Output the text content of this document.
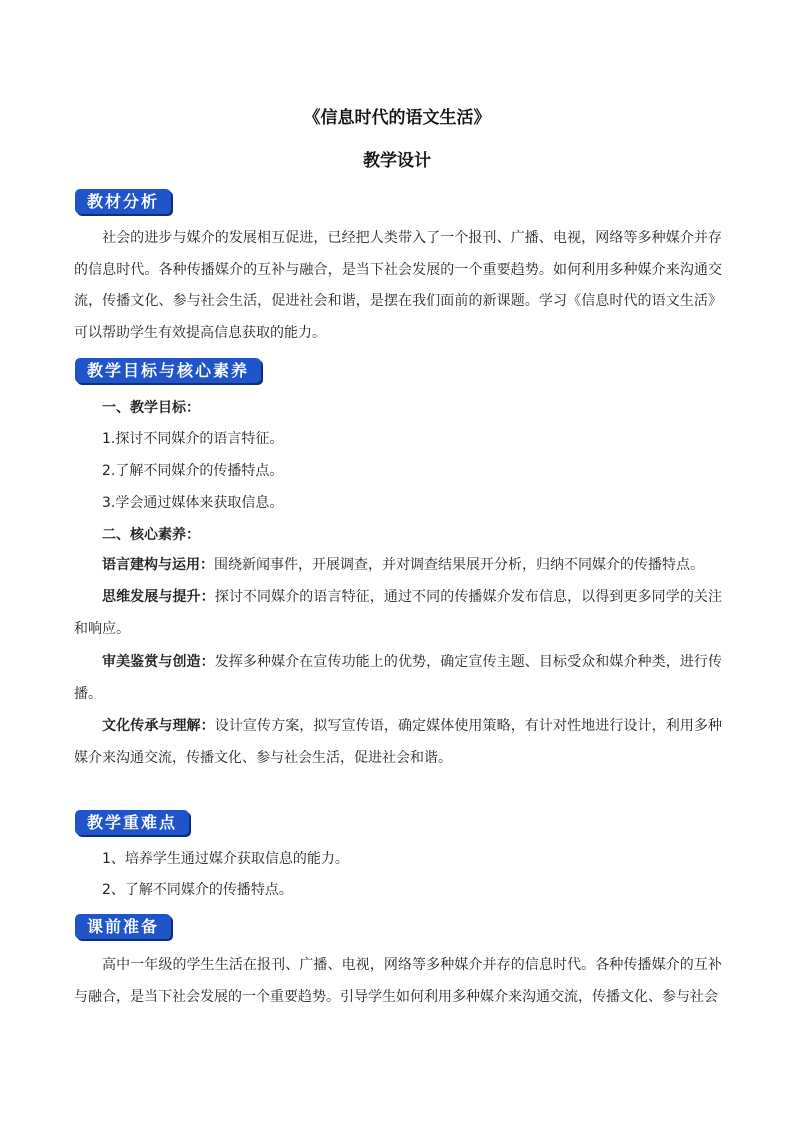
《信息时代的语文生活》
教学设计
教材分析

社会的进步与媒介的发展相互促进，已经把人类带入了一个报刊、广播、电视，网络等多种媒介并存的信息时代。各种传播媒介的互补与融合，是当下社会发展的一个重要趋势。如何利用多种媒介来沟通交流，传播文化、参与社会生活，促进社会和谐，是摆在我们面前的新课题。学习《信息时代的语文生活》可以帮助学生有效提高信息获取的能力。

教学目标与核心素养

一、教学目标：

1.探讨不同媒介的语言特征。

2.了解不同媒介的传播特点。

3.学会通过媒体来获取信息。

二、核心素养：

语言建构与运用：围绕新闻事件，开展调查，并对调查结果展开分析，归纳不同媒介的传播特点。

思维发展与提升：探讨不同媒介的语言特征，通过不同的传播媒介发布信息，以得到更多同学的关注和响应。

审美鉴赏与创造：发挥多种媒介在宣传功能上的优势，确定宣传主题、目标受众和媒介种类，进行传播。

文化传承与理解：设计宣传方案，拟写宣传语，确定媒体使用策略，有计对性地进行设计，利用多种媒介来沟通交流，传播文化、参与社会生活，促进社会和谐。

教学重难点

1、培养学生通过媒介获取信息的能力。

2、了解不同媒介的传播特点。

课前准备

高中一年级的学生生活在报刊、广播、电视，网络等多种媒介并存的信息时代。各种传播媒介的互补与融合，是当下社会发展的一个重要趋势。引导学生如何利用多种媒介来沟通交流，传播文化、参与社会
